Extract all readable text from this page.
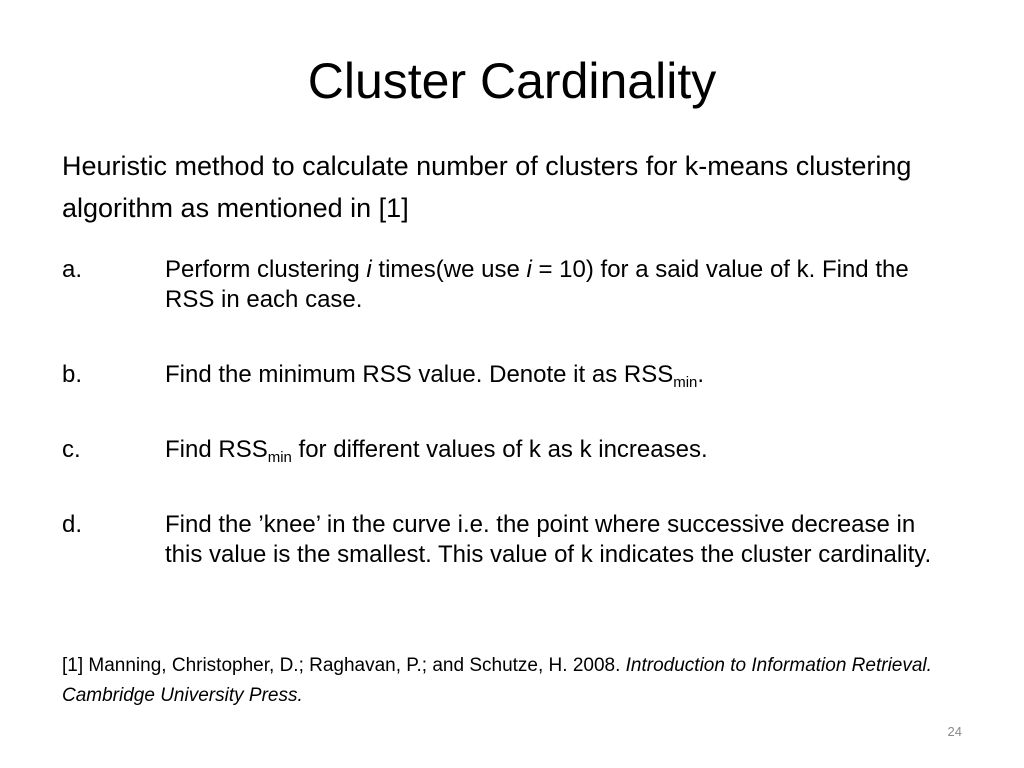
Cluster Cardinality

Heuristic method to calculate number of clusters for k-means clustering algorithm as mentioned in [1]

a.	Perform clustering i times(we use i = 10) for a said value of k. Find the RSS in each case.
b.	Find the minimum RSS value. Denote it as $RSS_{min}$.
c.	Find $RSS_{min}$ for different values of k as k increases.
d.	Find the ’knee’ in the curve i.e. the point where successive decrease in this value is the smallest. This value of k indicates the cluster cardinality.

[1] Manning, Christopher, D.; Raghavan, P.; and Schutze, H. 2008. Introduction to Information Retrieval. Cambridge University Press.

24
